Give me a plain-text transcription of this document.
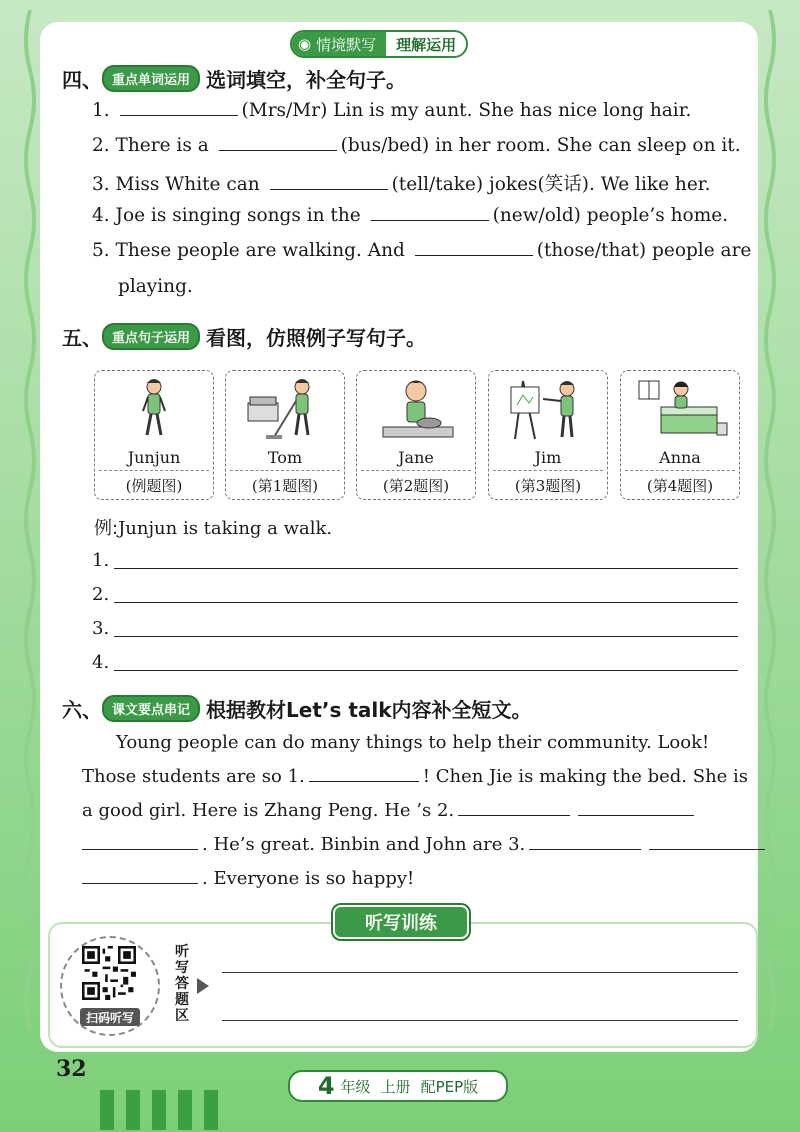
◉ 情境默写	理解运用
四、 重点单词运用 选词填空，补全句子。
1.	(Mrs/Mr) Lin is my aunt. She has nice long hair.
2. There is a	(bus/bed) in her room. She can sleep on it.
3. Miss White can	(tell/take) jokes(笑话). We like her.
4. Joe is singing songs in the	(new/old) people’s home.
5. These people are walking. And	(those/that) people are
playing.
五、 重点句子运用 看图，仿照例子写句子。
Junjun
(例题图)
Tom
(第1题图)
Jane
(第2题图)
Jim
(第3题图)
Anna
(第4题图)
例:Junjun is taking a walk.
1.
2.
3.
4.
六、 课文要点串记 根据教材Let’s talk内容补全短文。
Young people can do many things to help their community. Look!
Those students are so 1.	! Chen Jie is making the bed. She is
a good girl. Here is Zhang Peng. He ’s 2.
. He’s great. Binbin and John are 3.
. Everyone is so happy!
听写训练
扫码听写
听写答题区
32
4 年级 上册 配PEP版
